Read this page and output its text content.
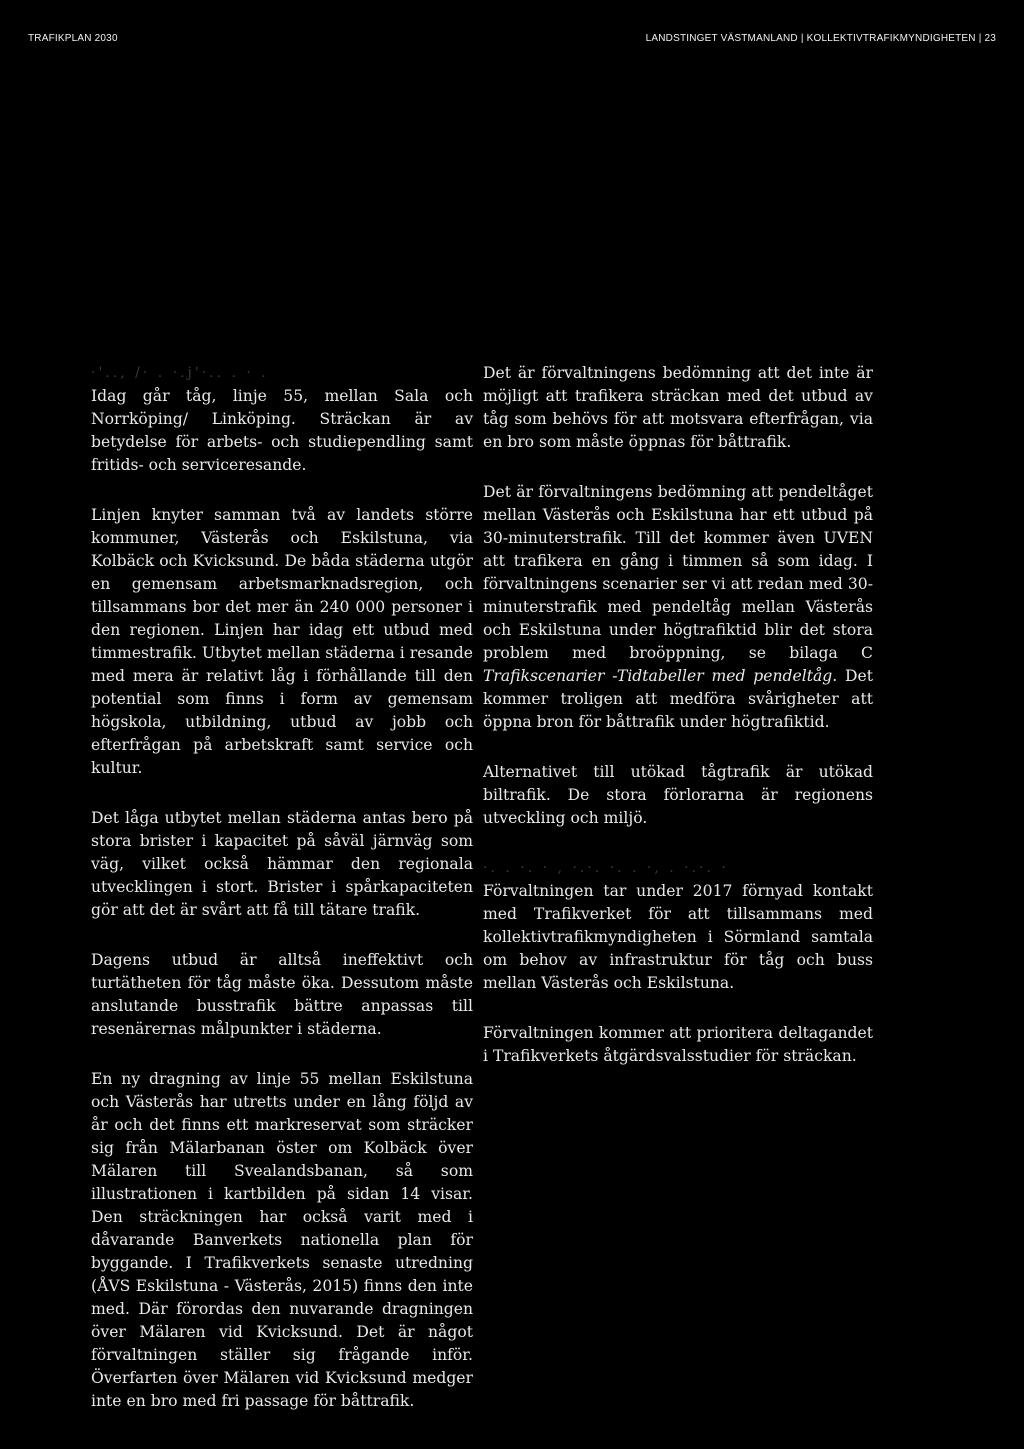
TRAFIKPLAN 2030	LANDSTINGET VÄSTMANLAND | KOLLEKTIVTRAFIKMYNDIGHETEN | 23

·'.., /· . ·.j'·.. . · .

Idag går tåg, linje 55, mellan Sala och Norrköping/ Linköping. Sträckan är av betydelse för arbets- och studiependling samt fritids- och serviceresande.

Linjen knyter samman två av landets större kommuner, Västerås och Eskilstuna, via Kolbäck och Kvicksund. De båda städerna utgör en gemensam arbetsmarknadsregion, och tillsammans bor det mer än 240 000 personer i den regionen. Linjen har idag ett utbud med timmestrafik. Utbytet mellan städerna i resande med mera är relativt låg i förhållande till den potential som finns i form av gemensam högskola, utbildning, utbud av jobb och efterfrågan på arbetskraft samt service och kultur.

Det låga utbytet mellan städerna antas bero på stora brister i kapacitet på såväl järnväg som väg, vilket också hämmar den regionala utvecklingen i stort. Brister i spårkapaciteten gör att det är svårt att få till tätare trafik.

Dagens utbud är alltså ineffektivt och turtätheten för tåg måste öka. Dessutom måste anslutande busstrafik bättre anpassas till resenärernas målpunkter i städerna.

En ny dragning av linje 55 mellan Eskilstuna och Västerås har utretts under en lång följd av år och det finns ett markreservat som sträcker sig från Mälarbanan öster om Kolbäck över Mälaren till Svealandsbanan, så som illustrationen i kartbilden på sidan 14 visar. Den sträckningen har också varit med i dåvarande Banverkets nationella plan för byggande. I Trafikverkets senaste utredning (ÅVS Eskilstuna - Västerås, 2015) finns den inte med. Där förordas den nuvarande dragningen över Mälaren vid Kvicksund. Det är något förvaltningen ställer sig frågande inför. Överfarten över Mälaren vid Kvicksund medger inte en bro med fri passage för båttrafik.

Det är förvaltningens bedömning att det inte är möjligt att trafikera sträckan med det utbud av tåg som behövs för att motsvara efterfrågan, via en bro som måste öppnas för båttrafik.

Det är förvaltningens bedömning att pendeltåget mellan Västerås och Eskilstuna har ett utbud på 30-minuterstrafik. Till det kommer även UVEN att trafikera en gång i timmen så som idag. I förvaltningens scenarier ser vi att redan med 30-minuterstrafik med pendeltåg mellan Västerås och Eskilstuna under högtrafiktid blir det stora problem med broöppning, se bilaga C Trafikscenarier -Tidtabeller med pendeltåg. Det kommer troligen att medföra svårigheter att öppna bron för båttrafik under högtrafiktid.

Alternativet till utökad tågtrafik är utökad biltrafik. De stora förlorarna är regionens utveckling och miljö.

·. . ·. · , ·.·. ·. . ·, . ·.·. ·

Förvaltningen tar under 2017 förnyad kontakt med Trafikverket för att tillsammans med kollektivtrafikmyndigheten i Sörmland samtala om behov av infrastruktur för tåg och buss mellan Västerås och Eskilstuna.

Förvaltningen kommer att prioritera deltagandet i Trafikverkets åtgärdsvalsstudier för sträckan.
